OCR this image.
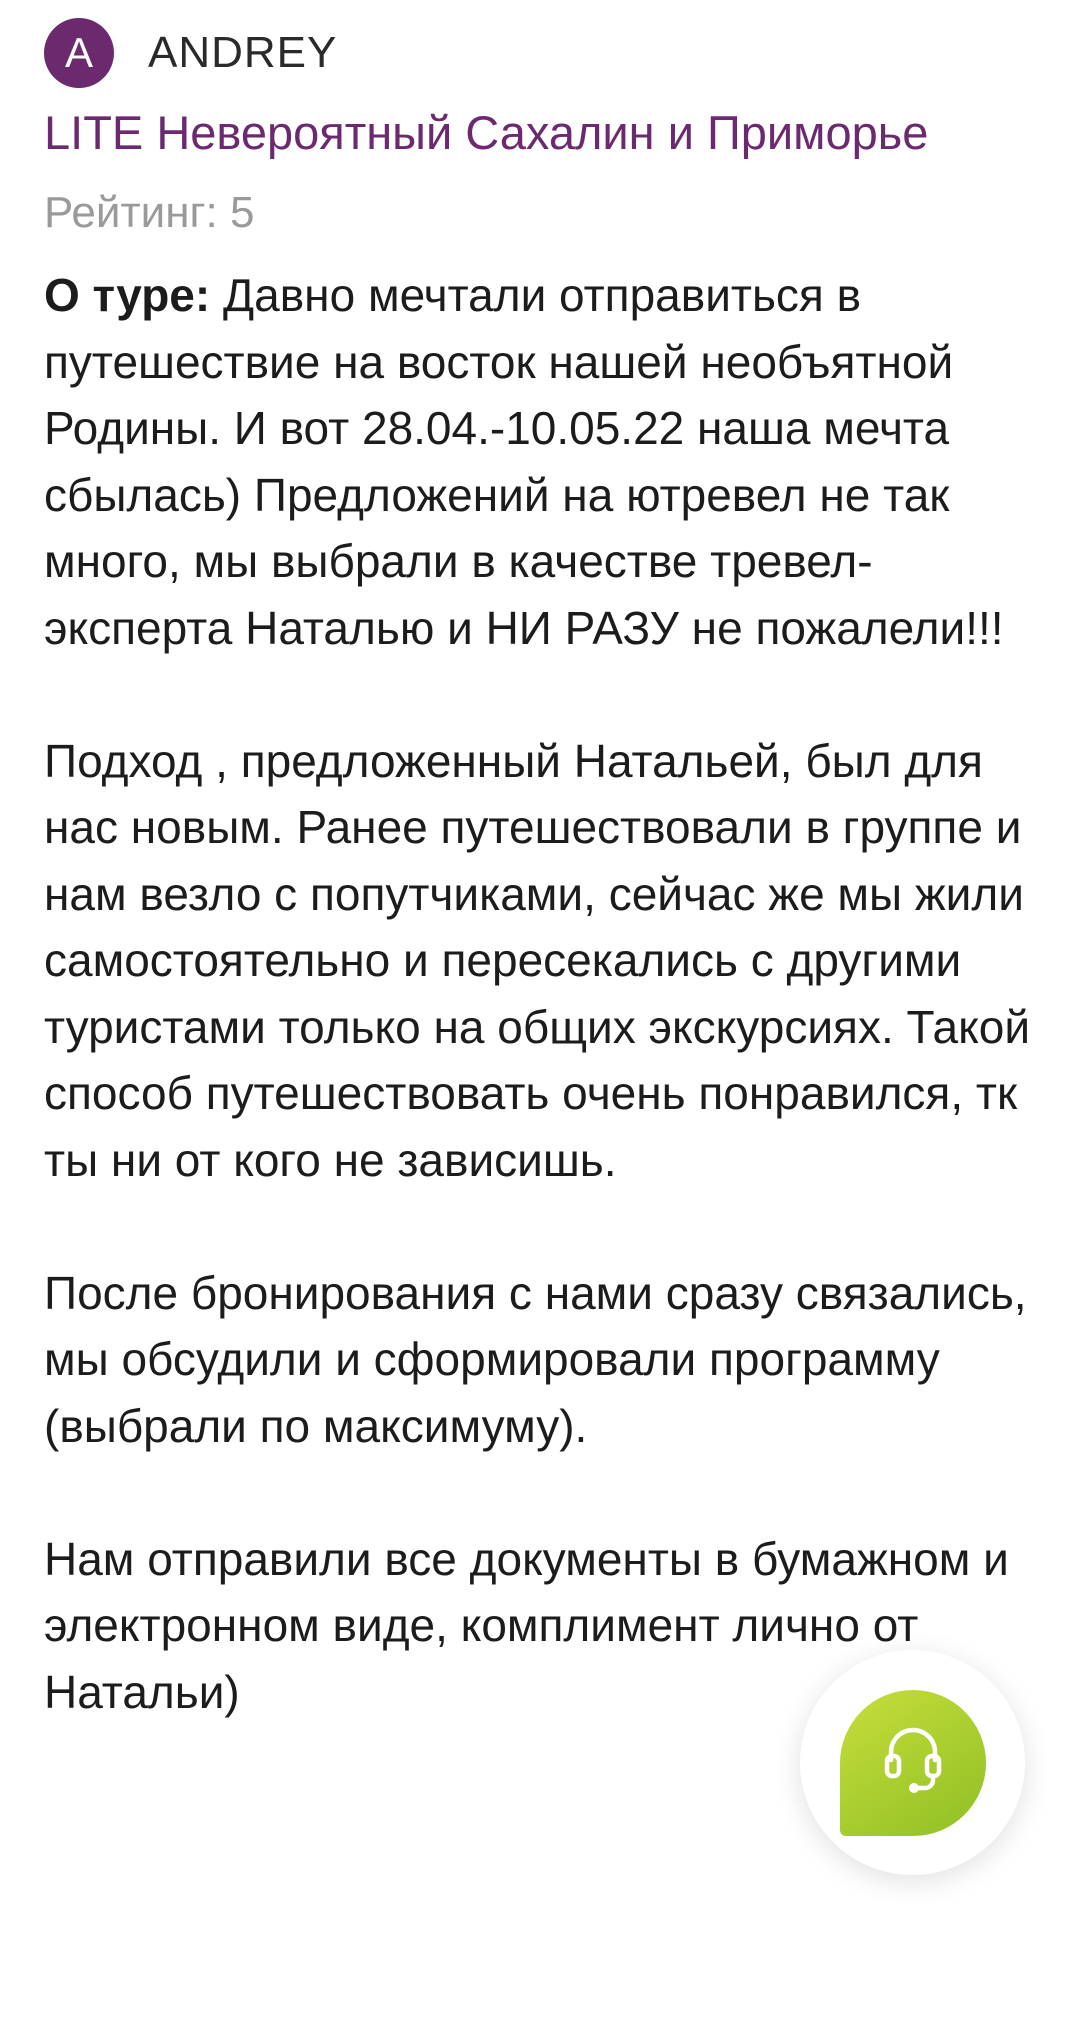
A	ANDREY
LITE Невероятный Сахалин и Приморье
Рейтинг: 5

О туре: Давно мечтали отправиться в путешествие на восток нашей необъятной Родины. И вот 28.04.-10.05.22 наша мечта сбылась) Предложений на ютревел не так много, мы выбрали в качестве тревел-эксперта Наталью и НИ РАЗУ не пожалели!!!

Подход , предложенный Натальей, был для нас новым. Ранее путешествовали в группе и нам везло с попутчиками, сейчас же мы жили самостоятельно и пересекались с другими туристами только на общих экскурсиях. Такой способ путешествовать очень понравился, тк ты ни от кого не зависишь.

После бронирования с нами сразу связались, мы обсудили и сформировали программу (выбрали по максимуму).

Нам отправили все документы в бумажном и электронном виде, комплимент лично от Натальи)
